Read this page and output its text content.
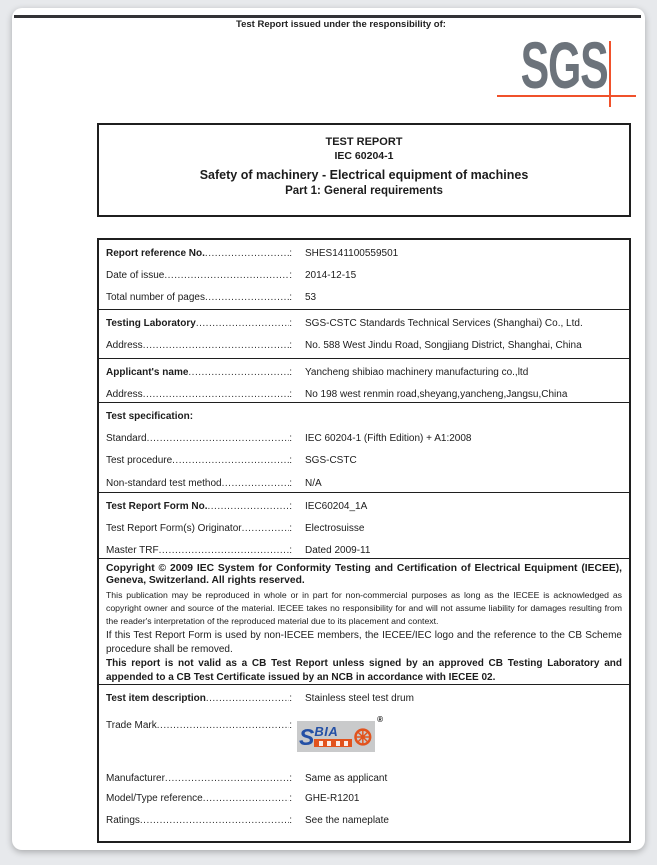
Test Report issued under the responsibility of:
SGS
TEST REPORT
IEC 60204-1
Safety of machinery - Electrical equipment of machines
Part 1: General requirements
Report reference No. ..... :	SHES141100559501
Date of issue ..... :	2014-12-15
Total number of pages ..... :	53
Testing Laboratory ..... :	SGS-CSTC Standards Technical Services (Shanghai) Co., Ltd.
Address ..... :	No. 588 West Jindu Road, Songjiang District, Shanghai, China
Applicant's name ..... :	Yancheng shibiao machinery manufacturing co.,ltd
Address ..... :	No 198 west renmin road,sheyang,yancheng,Jangsu,China
Test specification:
Standard ..... :	IEC 60204-1 (Fifth Edition) + A1:2008
Test procedure ..... :	SGS-CSTC
Non-standard test method ..... :	N/A
Test Report Form No. ..... :	IEC60204_1A
Test Report Form(s) Originator ..... :	Electrosuisse
Master TRF ..... :	Dated 2009-11
Copyright © 2009 IEC System for Conformity Testing and Certification of Electrical Equipment (IECEE), Geneva, Switzerland. All rights reserved.
This publication may be reproduced in whole or in part for non-commercial purposes as long as the IECEE is acknowledged as copyright owner and source of the material. IECEE takes no responsibility for and will not assume liability for damages resulting from the reader's interpretation of the reproduced material due to its placement and context.
If this Test Report Form is used by non-IECEE members, the IECEE/IEC logo and the reference to the CB Scheme procedure shall be removed.
This report is not valid as a CB Test Report unless signed by an approved CB Testing Laboratory and appended to a CB Test Certificate issued by an NCB in accordance with IECEE 02.
Test item description ..... :	Stainless steel test drum
Trade Mark ..... :	S BIA
®
Manufacturer ..... :	Same as applicant
Model/Type reference ..... :	GHE-R1201
Ratings ..... :	See the nameplate
